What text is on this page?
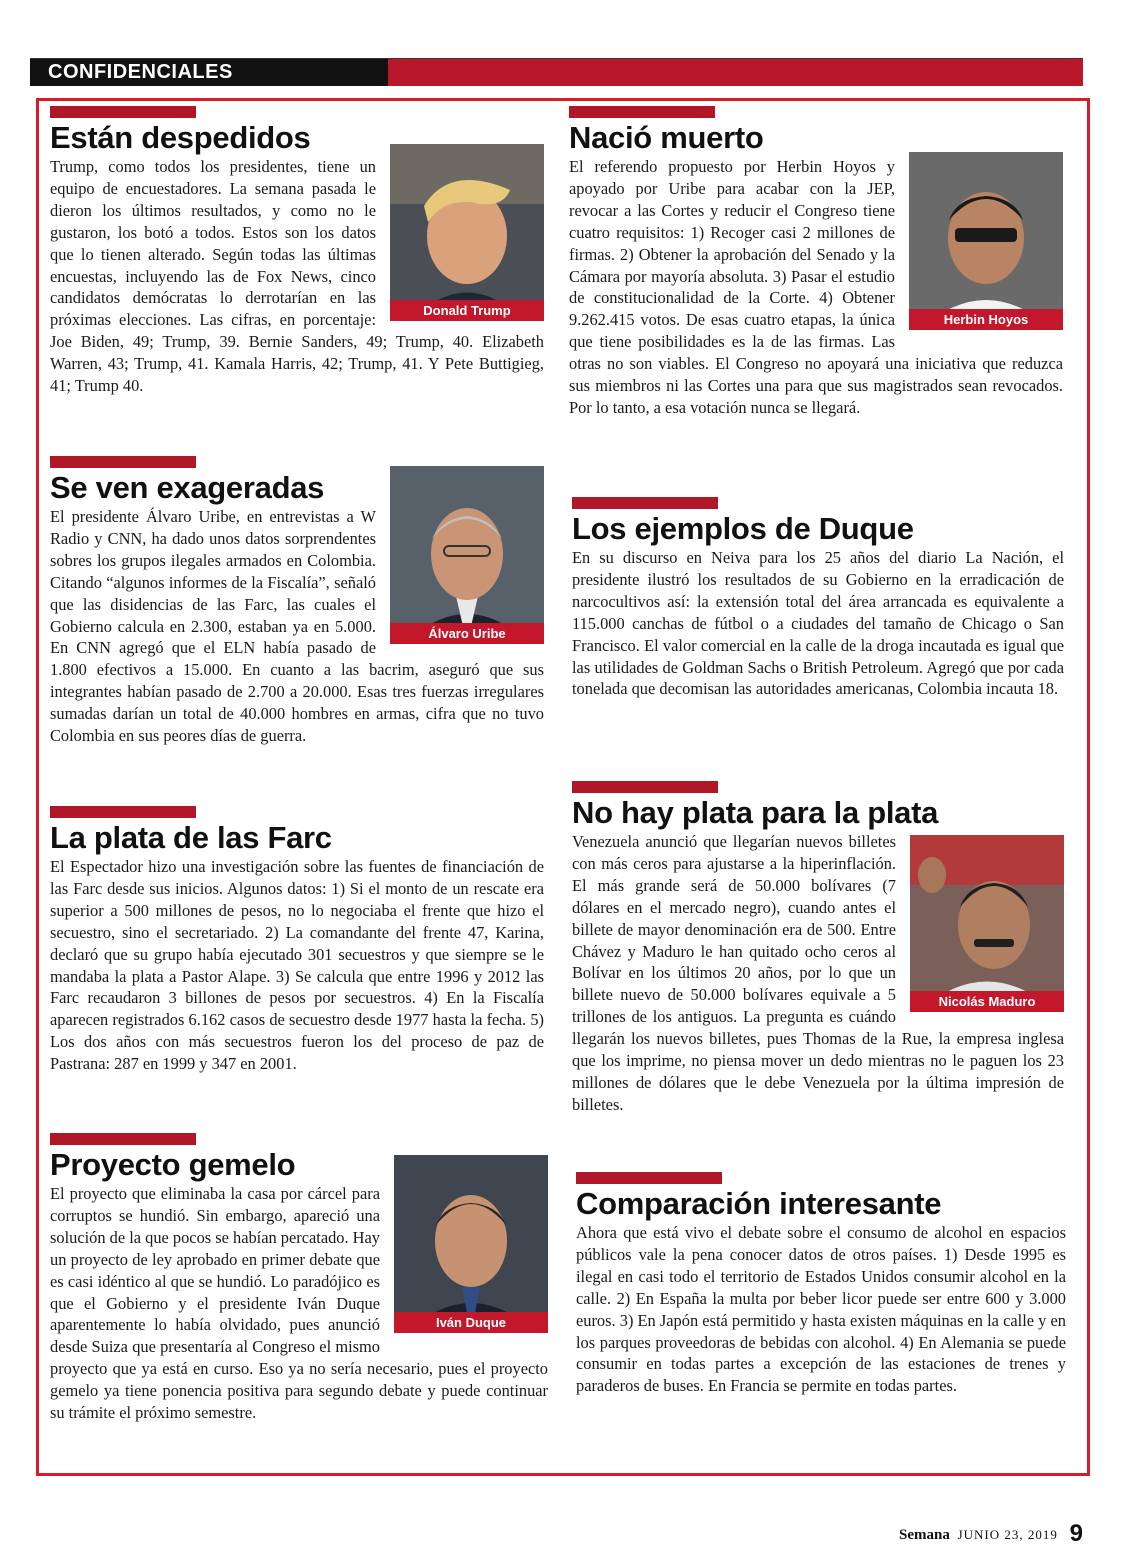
CONFIDENCIALES
Están despedidos
Donald Trump

Trump, como todos los presidentes, tiene un equipo de encuestadores. La semana pasada le dieron los últimos resultados, y como no le gustaron, los botó a todos. Estos son los datos que lo tienen alterado. Según todas las últimas encuestas, incluyendo las de Fox News, cinco candidatos demócratas lo derrotarían en las próximas elecciones. Las cifras, en porcentaje: Joe Biden, 49; Trump, 39. Bernie Sanders, 49; Trump, 40. Elizabeth Warren, 43; Trump, 41. Kamala Harris, 42; Trump, 41. Y Pete Buttigieg, 41; Trump 40.

Se ven exageradas
Álvaro Uribe

El presidente Álvaro Uribe, en entrevistas a W Radio y CNN, ha dado unos datos sorprendentes sobres los grupos ilegales armados en Colombia. Citando “algunos informes de la Fiscalía”, señaló que las disidencias de las Farc, las cuales el Gobierno calcula en 2.300, estaban ya en 5.000. En CNN agregó que el ELN había pasado de 1.800 efectivos a 15.000. En cuanto a las bacrim, aseguró que sus integrantes habían pasado de 2.700 a 20.000. Esas tres fuerzas irregulares sumadas darían un total de 40.000 hombres en armas, cifra que no tuvo Colombia en sus peores días de guerra.

La plata de las Farc

El Espectador hizo una investigación sobre las fuentes de financiación de las Farc desde sus inicios. Algunos datos: 1) Si el monto de un rescate era superior a 500 millones de pesos, no lo negociaba el frente que hizo el secuestro, sino el secretariado. 2) La comandante del frente 47, Karina, declaró que su grupo había ejecutado 301 secuestros y que siempre se le mandaba la plata a Pastor Alape. 3) Se calcula que entre 1996 y 2012 las Farc recaudaron 3 billones de pesos por secuestros. 4) En la Fiscalía aparecen registrados 6.162 casos de secuestro desde 1977 hasta la fecha. 5) Los dos años con más secuestros fueron los del proceso de paz de Pastrana: 287 en 1999 y 347 en 2001.

Proyecto gemelo
Iván Duque

El proyecto que eliminaba la casa por cárcel para corruptos se hundió. Sin embargo, apareció una solución de la que pocos se habían percatado. Hay un proyecto de ley aprobado en primer debate que es casi idéntico al que se hundió. Lo paradójico es que el Gobierno y el presidente Iván Duque aparentemente lo había olvidado, pues anunció desde Suiza que presentaría al Congreso el mismo proyecto que ya está en curso. Eso ya no sería necesario, pues el proyecto gemelo ya tiene ponencia positiva para segundo debate y puede continuar su trámite el próximo semestre.

Nació muerto
Herbin Hoyos

El referendo propuesto por Herbin Hoyos y apoyado por Uribe para acabar con la JEP, revocar a las Cortes y reducir el Congreso tiene cuatro requisitos: 1) Recoger casi 2 millones de firmas. 2) Obtener la aprobación del Senado y la Cámara por mayoría absoluta. 3) Pasar el estudio de constitucionalidad de la Corte. 4) Obtener 9.262.415 votos. De esas cuatro etapas, la única que tiene posibilidades es la de las firmas. Las otras no son viables. El Congreso no apoyará una iniciativa que reduzca sus miembros ni las Cortes una para que sus magistrados sean revocados. Por lo tanto, a esa votación nunca se llegará.

Los ejemplos de Duque

En su discurso en Neiva para los 25 años del diario La Nación, el presidente ilustró los resultados de su Gobierno en la erradicación de narcocultivos así: la extensión total del área arrancada es equivalente a 115.000 canchas de fútbol o a ciudades del tamaño de Chicago o San Francisco. El valor comercial en la calle de la droga incautada es igual que las utilidades de Goldman Sachs o British Petroleum. Agregó que por cada tonelada que decomisan las autoridades americanas, Colombia incauta 18.

No hay plata para la plata
Nicolás Maduro

Venezuela anunció que llegarían nuevos billetes con más ceros para ajustarse a la hiperinflación. El más grande será de 50.000 bolívares (7 dólares en el mercado negro), cuando antes el billete de mayor denominación era de 500. Entre Chávez y Maduro le han quitado ocho ceros al Bolívar en los últimos 20 años, por lo que un billete nuevo de 50.000 bolívares equivale a 5 trillones de los antiguos. La pregunta es cuándo llegarán los nuevos billetes, pues Thomas de la Rue, la empresa inglesa que los imprime, no piensa mover un dedo mientras no le paguen los 23 millones de dólares que le debe Venezuela por la última impresión de billetes.

Comparación interesante

Ahora que está vivo el debate sobre el consumo de alcohol en espacios públicos vale la pena conocer datos de otros países. 1) Desde 1995 es ilegal en casi todo el territorio de Estados Unidos consumir alcohol en la calle. 2) En España la multa por beber licor puede ser entre 600 y 3.000 euros. 3) En Japón está permitido y hasta existen máquinas en la calle y en los parques proveedoras de bebidas con alcohol. 4) En Alemania se puede consumir en todas partes a excepción de las estaciones de trenes y paraderos de buses. En Francia se permite en todas partes.

Semana JUNIO 23, 2019 9
